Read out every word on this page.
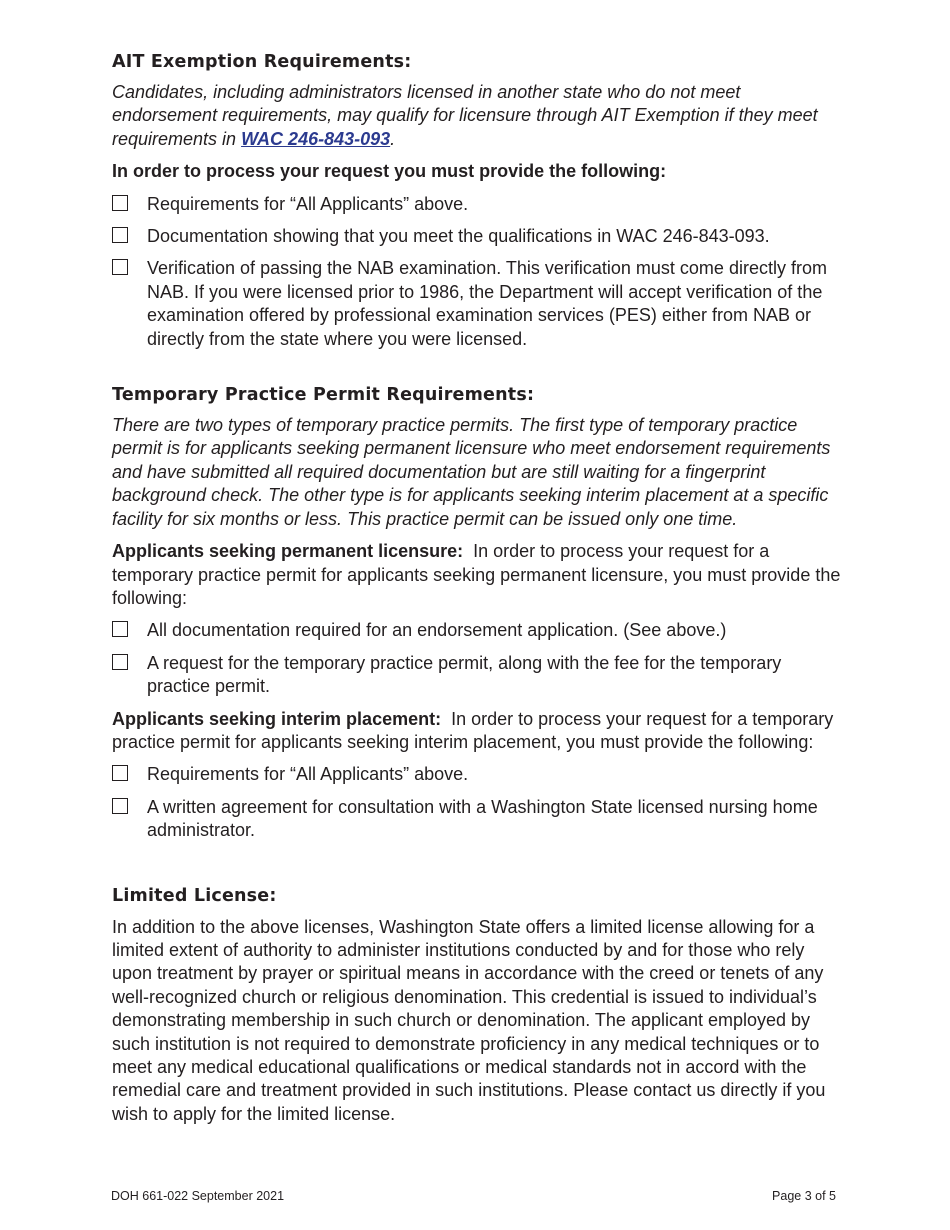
AIT Exemption Requirements:

Candidates, including administrators licensed in another state who do not meet endorsement requirements, may qualify for licensure through AIT Exemption if they meet requirements in WAC 246-843-093.

In order to process your request you must provide the following:

Requirements for “All Applicants” above.
Documentation showing that you meet the qualifications in WAC 246-843-093.
Verification of passing the NAB examination. This verification must come directly from NAB. If you were licensed prior to 1986, the Department will accept verification of the examination offered by professional examination services (PES) either from NAB or directly from the state where you were licensed.
Temporary Practice Permit Requirements:

There are two types of temporary practice permits. The first type of temporary practice permit is for applicants seeking permanent licensure who meet endorsement requirements and have submitted all required documentation but are still waiting for a fingerprint background check. The other type is for applicants seeking interim placement at a specific facility for six months or less. This practice permit can be issued only one time.

Applicants seeking permanent licensure: In order to process your request for a temporary practice permit for applicants seeking permanent licensure, you must provide the following:

All documentation required for an endorsement application. (See above.)
A request for the temporary practice permit, along with the fee for the temporary practice permit.

Applicants seeking interim placement: In order to process your request for a temporary practice permit for applicants seeking interim placement, you must provide the following:

Requirements for “All Applicants” above.
A written agreement for consultation with a Washington State licensed nursing home administrator.
Limited License:

In addition to the above licenses, Washington State offers a limited license allowing for a limited extent of authority to administer institutions conducted by and for those who rely upon treatment by prayer or spiritual means in accordance with the creed or tenets of any well-recognized church or religious denomination. This credential is issued to individual’s demonstrating membership in such church or denomination. The applicant employed by such institution is not required to demonstrate proficiency in any medical techniques or to meet any medical educational qualifications or medical standards not in accord with the remedial care and treatment provided in such institutions. Please contact us directly if you wish to apply for the limited license.

DOH 661-022 September 2021	Page 3 of 5
